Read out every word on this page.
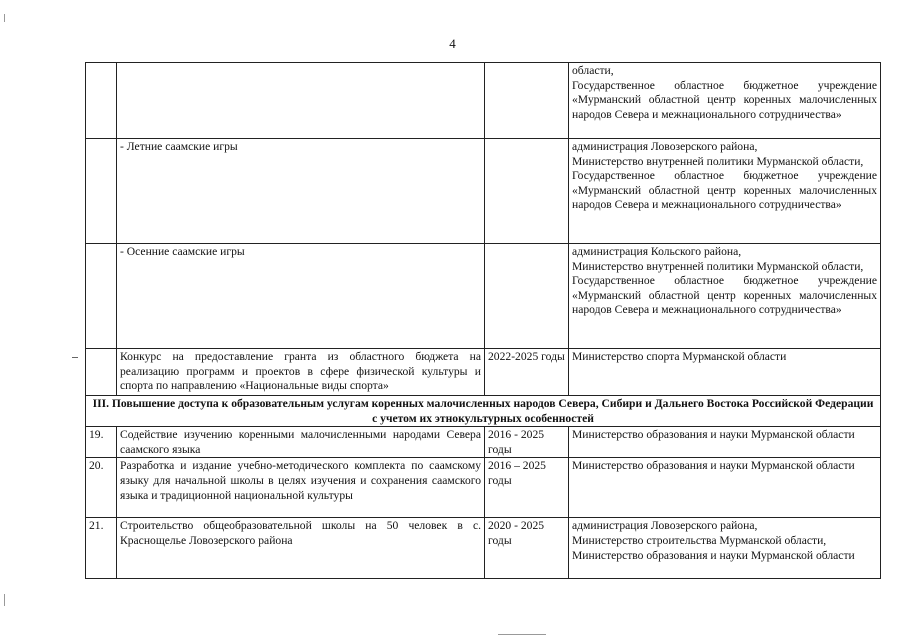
4

			области,
Государственное областное бюджетное учреждение «Мурманский областной центр коренных малочисленных народов Севера и межнационального сотрудничества»

	- Летние саамские игры		администрация Ловозерского района,
Министерство внутренней политики Мурманской области,
Государственное областное бюджетное учреждение «Мурманский областной центр коренных малочисленных народов Севера и межнационального сотрудничества»

	- Осенние саамские игры		администрация Кольского района,
Министерство внутренней политики Мурманской области,
Государственное областное бюджетное учреждение «Мурманский областной центр коренных малочисленных народов Севера и межнационального сотрудничества»

	Конкурс на предоставление гранта из областного бюджета на реализацию программ и проектов в сфере физической культуры и спорта по направлению «Национальные виды спорта»	2022-2025 годы	Министерство спорта Мурманской области

III. Повышение доступа к образовательным услугам коренных малочисленных народов Севера, Сибири и Дальнего Востока Российской Федерации с учетом их этнокультурных особенностей			
19.	Содействие изучению коренными малочисленными народами Севера саамского языка	2016 - 2025 годы	Министерство образования и науки Мурманской области

20.	Разработка и издание учебно-методического комплекта по саамскому языку для начальной школы в целях изучения и сохранения саамского языка и традиционной национальной культуры	2016 – 2025 годы	Министерство образования и науки Мурманской области

21.	Строительство общеобразовательной школы на 50 человек в с. Краснощелье Ловозерского района	2020 - 2025 годы	администрация Ловозерского района,
Министерство строительства Мурманской области,
Министерство образования и науки Мурманской области
